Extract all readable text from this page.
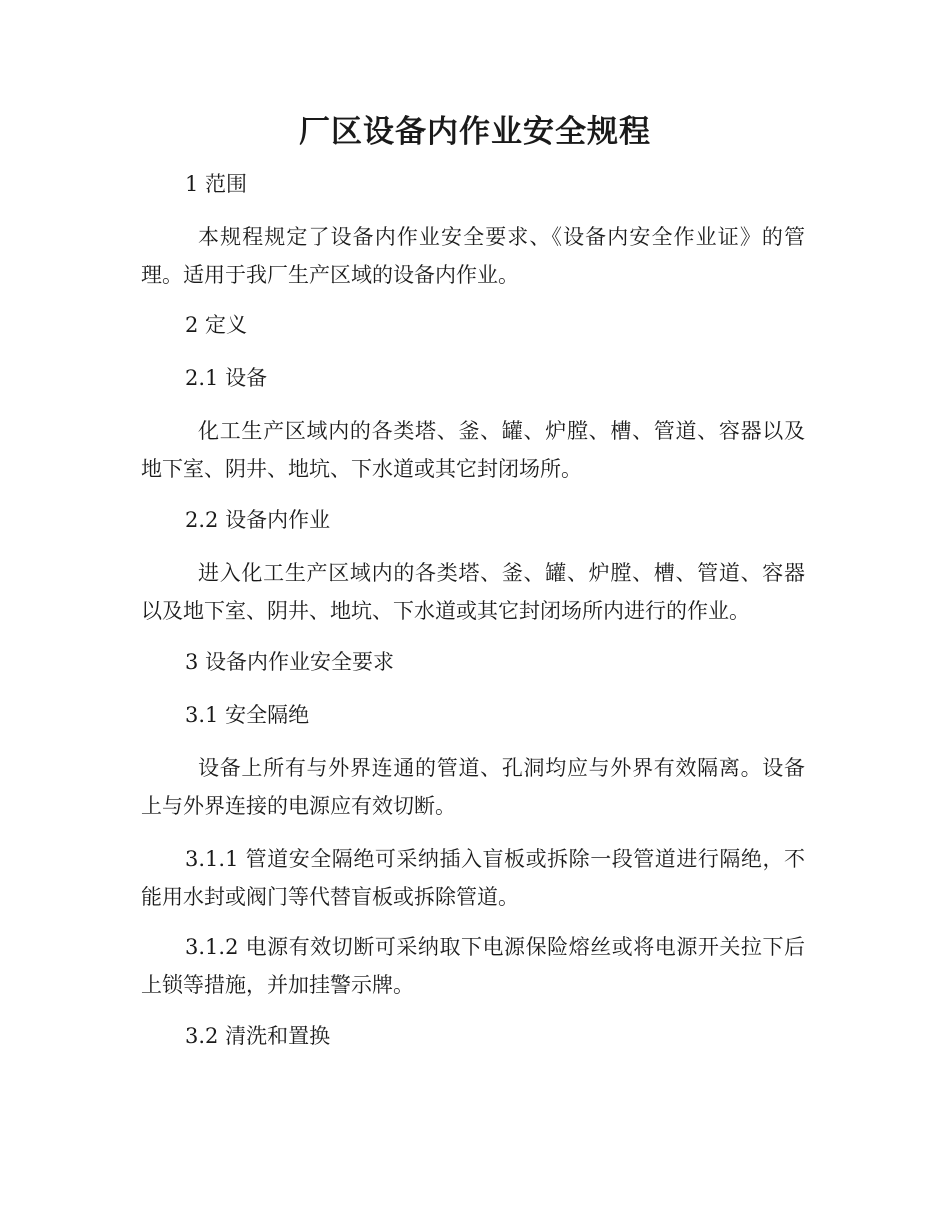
厂区设备内作业安全规程

1 范围

本规程规定了设备内作业安全要求、《设备内安全作业证》的管理。适用于我厂生产区域的设备内作业。

2 定义

2.1 设备

化工生产区域内的各类塔、釜、罐、炉膛、槽、管道、容器以及地下室、阴井、地坑、下水道或其它封闭场所。

2.2 设备内作业

进入化工生产区域内的各类塔、釜、罐、炉膛、槽、管道、容器以及地下室、阴井、地坑、下水道或其它封闭场所内进行的作业。

3 设备内作业安全要求

3.1 安全隔绝

设备上所有与外界连通的管道、孔洞均应与外界有效隔离。设备上与外界连接的电源应有效切断。

3.1.1 管道安全隔绝可采纳插入盲板或拆除一段管道进行隔绝，不能用水封或阀门等代替盲板或拆除管道。

3.1.2 电源有效切断可采纳取下电源保险熔丝或将电源开关拉下后上锁等措施，并加挂警示牌。

3.2 清洗和置换
